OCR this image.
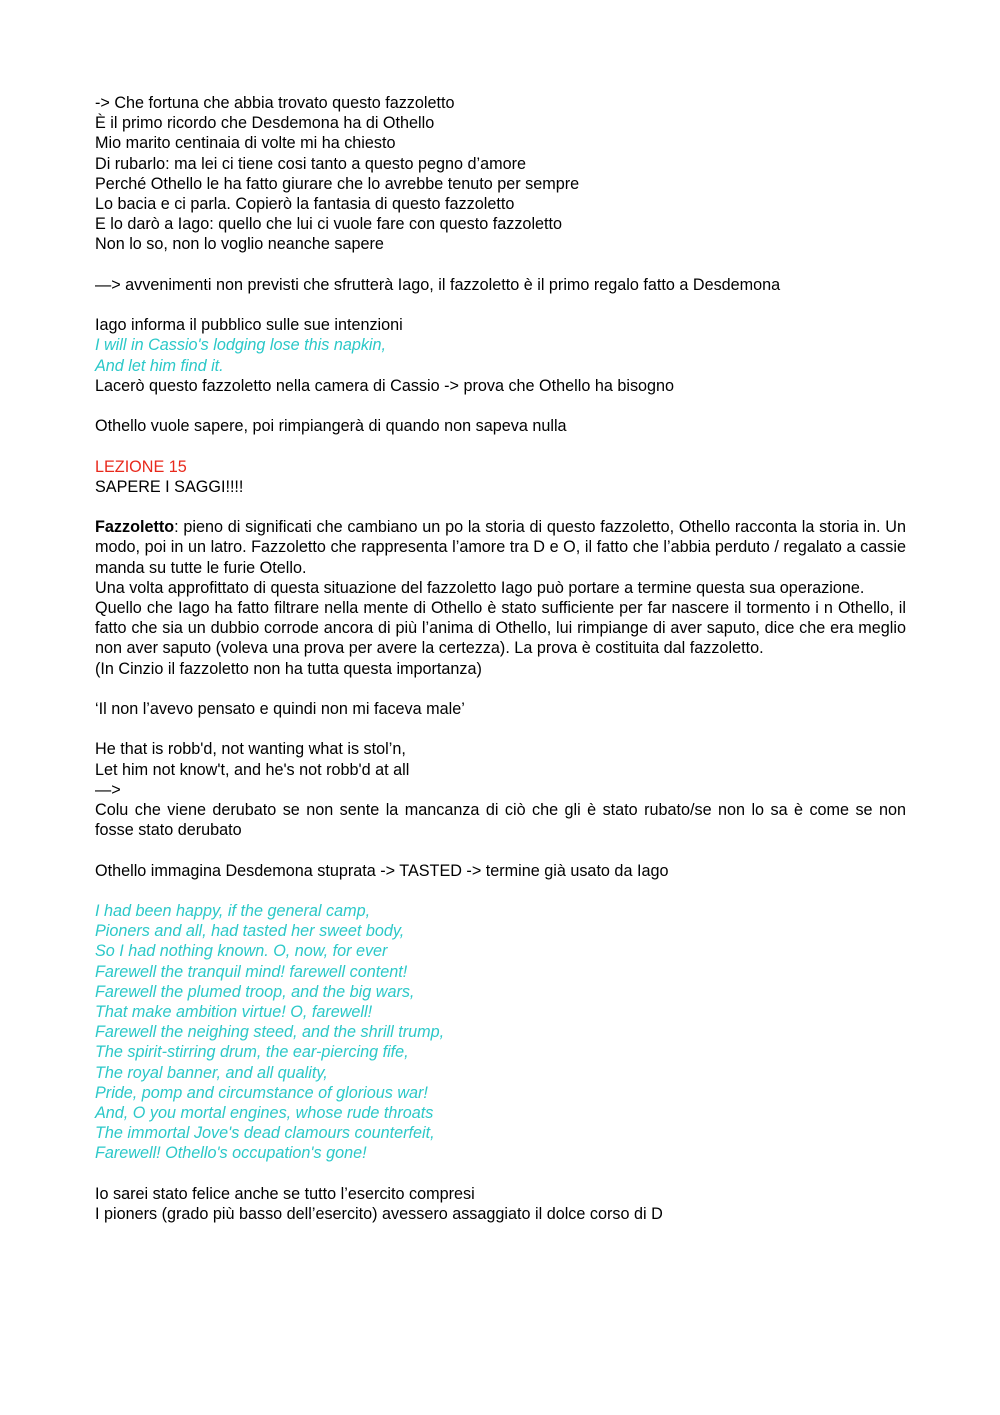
-> Che fortuna che abbia trovato questo fazzoletto
È il primo ricordo che Desdemona ha di Othello
Mio marito centinaia di volte mi ha chiesto
Di rubarlo: ma lei ci tiene cosi tanto a questo pegno d’amore
Perché Othello le ha fatto giurare che lo avrebbe tenuto per sempre
Lo bacia e ci parla. Copierò la fantasia di questo fazzoletto
E lo darò a Iago: quello che lui ci vuole fare con questo fazzoletto
Non lo so, non lo voglio neanche sapere
—> avvenimenti non previsti che sfrutterà Iago, il fazzoletto è il primo regalo fatto a Desdemona
Iago informa il pubblico sulle sue intenzioni
I will in Cassio's lodging lose this napkin,
And let him find it.
Lacerò questo fazzoletto nella camera di Cassio -> prova che Othello ha bisogno
Othello vuole sapere, poi rimpiangerà di quando non sapeva nulla
LEZIONE 15
SAPERE I SAGGI!!!!
Fazzoletto: pieno di significati che cambiano un po la storia di questo fazzoletto, Othello racconta la storia in. Un modo, poi in un latro. Fazzoletto che rappresenta l’amore tra D e O, il fatto che l’abbia perduto / regalato a cassie manda su tutte le furie Otello.
Una volta approfittato di questa situazione del fazzoletto Iago può portare a termine questa sua operazione.
Quello che Iago ha fatto filtrare nella mente di Othello è stato sufficiente per far nascere il tormento i n Othello, il fatto che sia un dubbio corrode ancora di più l’anima di Othello, lui rimpiange di aver saputo, dice che era meglio non aver saputo (voleva una prova per avere la certezza). La prova è costituita dal fazzoletto.
(In Cinzio il fazzoletto non ha tutta questa importanza)
‘Il non l’avevo pensato e quindi non mi faceva male’
He that is robb'd, not wanting what is stol’n,
Let him not know't, and he's not robb'd at all
—>
Colu che viene derubato se non sente la mancanza di ciò che gli è stato rubato/se non lo sa è come se non fosse stato derubato
Othello immagina Desdemona stuprata -> TASTED -> termine già usato da Iago
I had been happy, if the general camp,
Pioners and all, had tasted her sweet body,
So I had nothing known. O, now, for ever
Farewell the tranquil mind! farewell content!
Farewell the plumed troop, and the big wars,
That make ambition virtue! O, farewell!
Farewell the neighing steed, and the shrill trump,
The spirit-stirring drum, the ear-piercing fife,
The royal banner, and all quality,
Pride, pomp and circumstance of glorious war!
And, O you mortal engines, whose rude throats
The immortal Jove's dead clamours counterfeit,
Farewell! Othello's occupation's gone!
Io sarei stato felice anche se tutto l’esercito compresi
I pioners (grado più basso dell’esercito) avessero assaggiato il dolce corso di D
